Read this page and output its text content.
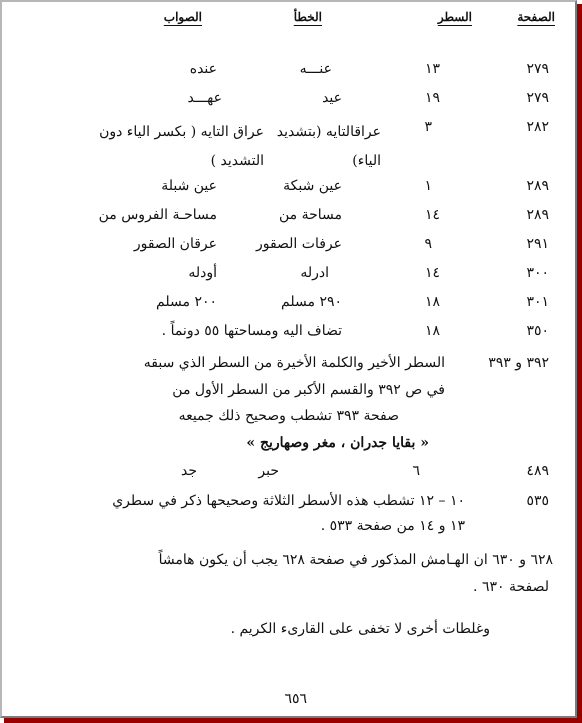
الصفحة
السطر
الخطأ
الصواب
٢٧٩
١٣
عنـــه
عنده
٢٧٩
١٩
عيد
عهـــد
٢٨٢
٣
عراقالتايه (بتشديد الياء)
عراق التايه ( بكسر الياء دون التشديد )
٢٨٩
١
عين شبكة
عين شبلة
٢٨٩
١٤
مساحة من
مساحـة الفروس من
٢٩١
٩
عرفات الصقور
عرقان الصقور
٣٠٠
١٤
ادرله
أودله
٣٠١
١٨
٢٩٠ مسلم
٢٠٠ مسلم
٣٥٠
١٨
تضاف اليه ومساحتها ٥٥ دونماً .
٣٩٢ و ٣٩٣
السطر الأخير والكلمة الأخيرة من السطر الذي سبقه
في ص ٣٩٢ والقسم الأكبر من السطر الأول من
صفحة ٣٩٣ تشطب وصحيح ذلك جميعه
« بقايا جدران ، مغر وصهاريج »
٤٨٩
٦
حبر
جد
٥٣٥
١٠ – ١٢ تشطب هذه الأسطر الثلاثة وصحيحها ذكر في سطري
١٣ و ١٤ من صفحة ٥٣٣ .
٦٢٨ و ٦٣٠ ان الهـامش المذكور في صفحة ٦٢٨ يجب أن يكون هامشاً
لصفحة ٦٣٠ .
وغلطات أخرى لا تخفى على القارىء الكريم .
٦٥٦
